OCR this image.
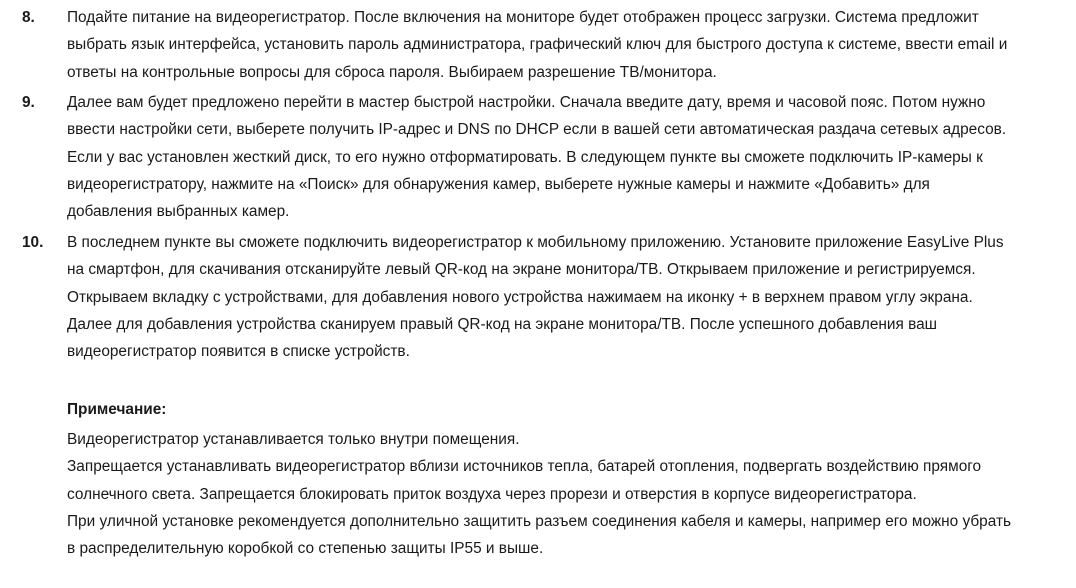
8. Подайте питание на видеорегистратор. После включения на мониторе будет отображен процесс загрузки. Система предложит
выбрать язык интерфейса, установить пароль администратора, графический ключ для быстрого доступа к системе, ввести email и
ответы на контрольные вопросы для сброса пароля. Выбираем разрешение ТВ/монитора.
9. Далее вам будет предложено перейти в мастер быстрой настройки. Сначала введите дату, время и часовой пояс. Потом нужно
ввести настройки сети, выберете получить IP-адрес и DNS по DHCP если в вашей сети автоматическая раздача сетевых адресов.
Если у вас установлен жесткий диск, то его нужно отформатировать. В следующем пункте вы сможете подключить IP-камеры к
видеорегистратору, нажмите на «Поиск» для обнаружения камер, выберете нужные камеры и нажмите «Добавить» для
добавления выбранных камер.
10. В последнем пункте вы сможете подключить видеорегистратор к мобильному приложению. Установите приложение EasyLive Plus
на смартфон, для скачивания отсканируйте левый QR-код на экране монитора/ТВ. Открываем приложение и регистрируемся.
Открываем вкладку с устройствами, для добавления нового устройства нажимаем на иконку + в верхнем правом углу экрана.
Далее для добавления устройства сканируем правый QR-код на экране монитора/ТВ. После успешного добавления ваш
видеорегистратор появится в списке устройств.
Примечание:
Видеорегистратор устанавливается только внутри помещения.
Запрещается устанавливать видеорегистратор вблизи источников тепла, батарей отопления, подвергать воздействию прямого
солнечного света. Запрещается блокировать приток воздуха через прорези и отверстия в корпусе видеорегистратора.
При уличной установке рекомендуется дополнительно защитить разъем соединения кабеля и камеры, например его можно убрать
в распределительную коробкой со степенью защиты IP55 и выше.
